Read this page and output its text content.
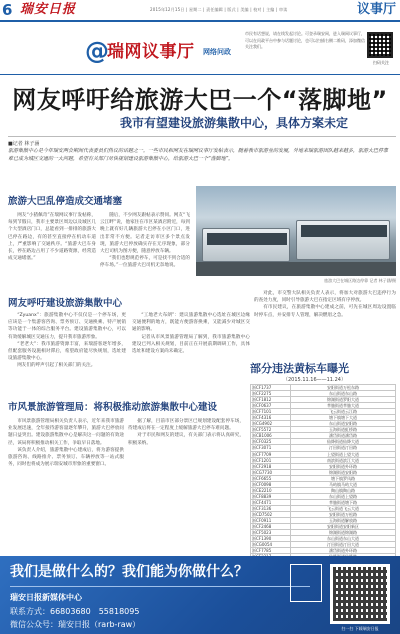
6 瑞安日报	2015年12月15日 | 星期二 | 责任编辑 | 版式 | 美编 | 校对 | 主编 | 审读	议事厅
@
瑞网议事厅 网络问政
市民有话想说，请在线发起讨论。可登录瑞安网，进入瑞网议事厅，可以在问政平台中参与话题讨论，也可以扫描右侧二维码，添加微信关注我们。
扫码关注
网友呼吁给旅游大巴一个“落脚地”
我市有望建设旅游集散中心，具体方案未定
■记者 林子涵
旅游集散中心是今年瑞安两会期间代表委员们热议的话题之一。一些市民和网友在瑞网议事厅发帖表示，随着我市旅游业的发展，外地来瑞旅游团队越来越多，旅游大巴停靠难已成为城区交通的一大问题，希望有关部门尽快规划建设旅游集散中心，给旅游大巴一个“落脚地”。
旅游大巴乱停造成交通堵塞

网友“小猪佩奇”在瑞网议事厅发帖称，每到节假日，我市主要景区周边以及城区几个大型酒店门口，总能看到一排排的旅游大巴停在路边，有的甚至直接停在机动车道上，严重影响了交通秩序。“旅游大巴车身长，停在路边占用了不少道路资源，经常造成交通堵塞。”

随后，不少网友跟帖表示赞同。网友“飞云江畔”说，他家住在市区某酒店附近，每到晚上就有好几辆旅游大巴停在小区门口，进出非常不方便。记者走访市区多个景点发现，旅游大巴停放确实存在无序现象，部分大巴司机为图方便，随意停放车辆。

“我们也想规范停车，可是找不到合适的停车场。”一位旅游大巴司机无奈地说。

旅游大巴在城区路边停靠 记者 林子涵/摄
网友呼吁建设旅游集散中心

“Zyuanx”：旅游集散中心不仅仅是一个停车场，更应该是一个集游客咨询、票务预订、交通换乘、特产展销等功能于一体的综合服务平台。建设旅游集散中心，可以有效缓解城区交通压力，提升我市旅游形象。

“老老大”：我市旅游资源丰富，来瑞游客逐年增多，但配套服务设施相对滞后，希望政府能尽快规划，选址建设旅游集散中心。

网友们的呼声引起了相关部门的关注。

“工地老大布朗”：建议旅游集散中心选址在城区边缘交通便利的地方，既能方便游客换乘，又能减少对城区交通的影响。

记者从市风景旅游管理局了解到，我市旅游集散中心建设已列入相关规划，目前正在开展前期调研工作，具体选址和建设方案尚未确定。

对此，市交警大队相关负责人表示，将加大对旅游大巴违停行为的查处力度，同时引导旅游大巴在指定区域有序停放。

有市民建议，在旅游集散中心建成之前，可先在城区周边设置临时停车点，并安排专人管理，解决燃眉之急。

市风景旅游管理局：将积极推动旅游集散中心建设

市风景旅游管理局相关负责人表示，近年来我市旅游业发展迅速，全年接待游客量逐年攀升，旅游大巴停放问题日益突出。建设旅游集散中心是解决这一问题的有效途径，该局将积极推动相关工作，争取早日落地。

该负责人介绍，旅游集散中心建成后，将为游客提供旅游咨询、线路推介、票务预订、车辆停放等一站式服务，同时也将成为展示瑞安城市形象的重要窗口。

据了解，目前市区部分景区已规划建设配套停车场，待建成后将在一定程度上缓解旅游大巴停车难问题。

对于市民和网友的建议，有关部门表示将认真研究，积极采纳。

部分违法黄标车曝光
（2015.11.16——11.24）
浙CF1737	安阳街道万松东路
浙CF2275	东山街道东山路
浙CF1812	锦湖街道罗阳大道
浙CF0637	莘塍街道莘塍大道
浙CF7101	飞云街道云江路
浙CF4316	塘下镇塘下大道
浙CG4902	东山街道安阳路
浙CF5572	玉海街道虹桥路
浙CB1006	潘岱街道潘岱路
浙CF0325	仙降街道仙降大道
浙CF3071	汀田街道汀田路
浙CF7709	上望街道上望大道
浙CF1201	南滨街道滨江大道
浙CF2918	安阳街道外环路
浙CG7730	锦湖街道安阳路
浙CF6655	塘下镇罗凤路
浙CF0098	马屿镇马屿大道
浙CE2210	陶山镇陶山路
浙CF8839	东山街道上望路
浙CF4471	莘塍街道塘下路
浙CF3136	飞云街道飞云大道
浙CD7502	安阳街道万松路
浙CF0911	玉海街道解放路
浙CF2468	安阳街道安阳新区
浙CF5023	锦湖街道锦湖路
浙CF1390	东山街道东山大道
浙CG0054	汀田街道汀田大道
浙CF7785	潘岱街道外环路

我们是做什么的？我们能为你做什么？
瑞安日报新媒体中心
联系方式：66803680　55818095
微信公众号：瑞安日报（rarb-raw）	扫一扫 下载瑞安日报
